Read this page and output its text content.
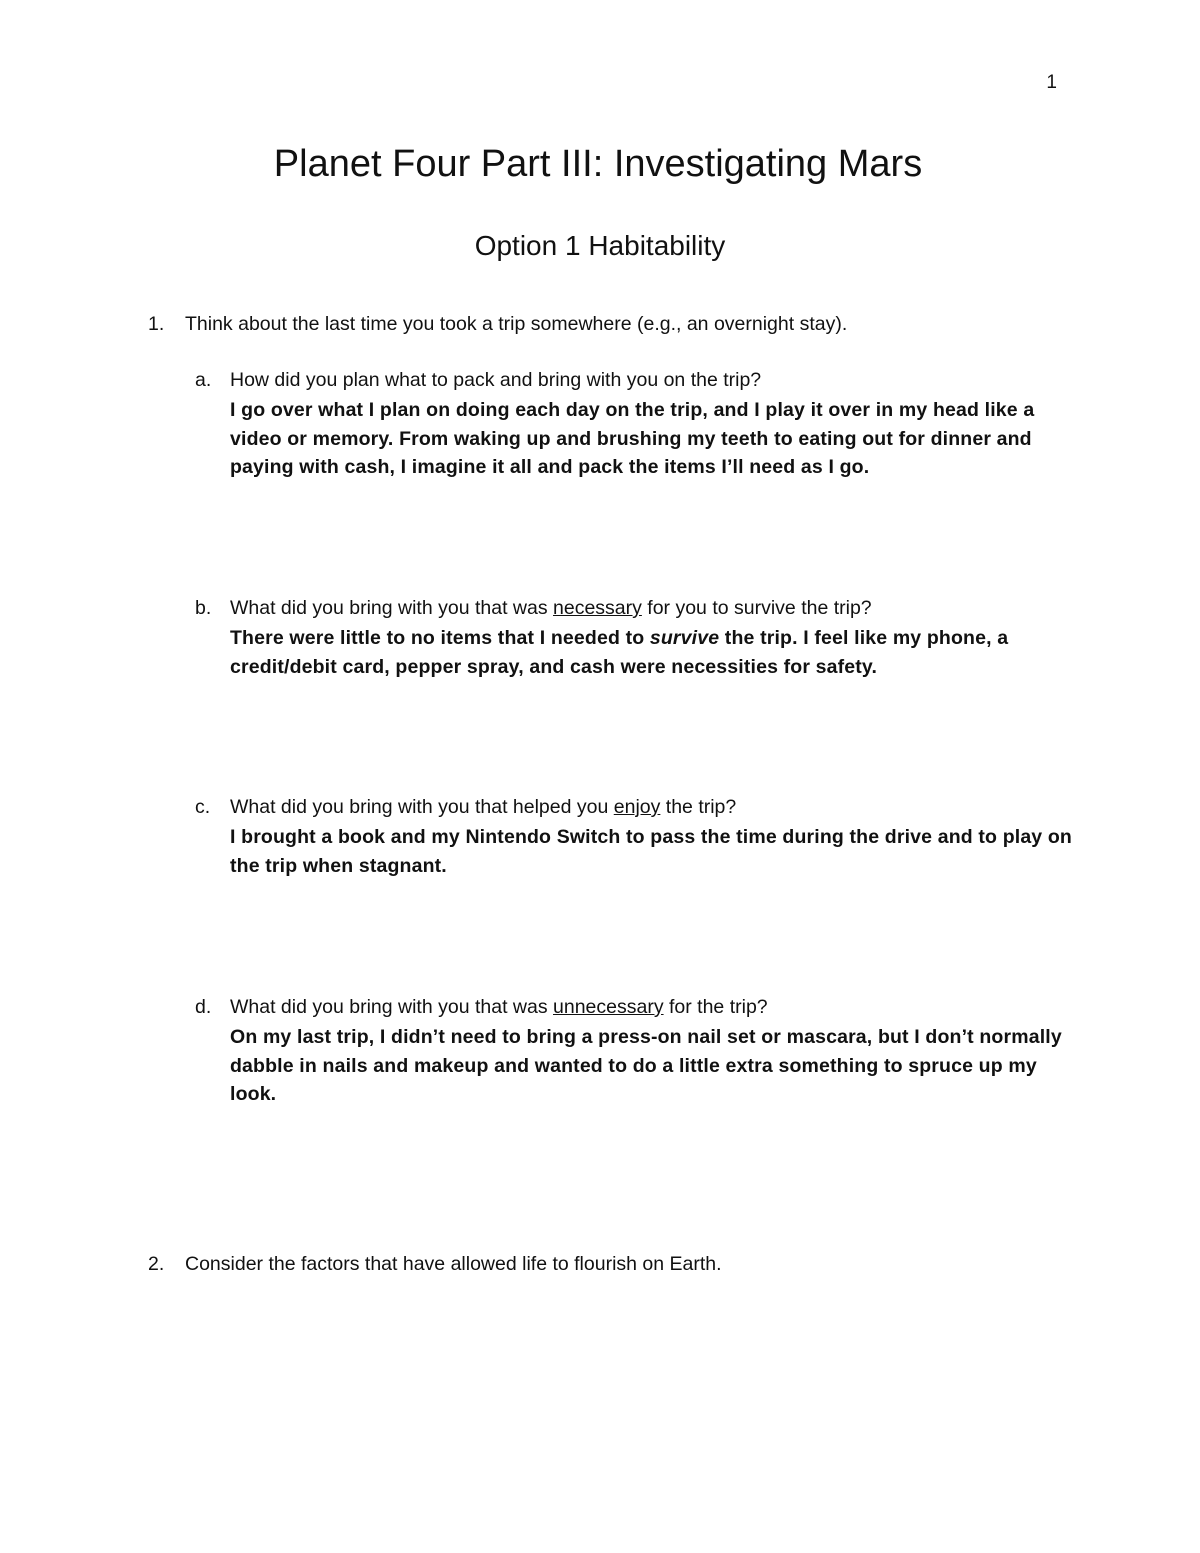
1
Planet Four Part III: Investigating Mars
Option 1 Habitability
1. Think about the last time you took a trip somewhere (e.g., an overnight stay).
a. How did you plan what to pack and bring with you on the trip?
I go over what I plan on doing each day on the trip, and I play it over in my head like a video or memory. From waking up and brushing my teeth to eating out for dinner and paying with cash, I imagine it all and pack the items I’ll need as I go.
b. What did you bring with you that was necessary for you to survive the trip?
There were little to no items that I needed to survive the trip. I feel like my phone, a credit/debit card, pepper spray, and cash were necessities for safety.
c. What did you bring with you that helped you enjoy the trip?
I brought a book and my Nintendo Switch to pass the time during the drive and to play on the trip when stagnant.
d. What did you bring with you that was unnecessary for the trip?
On my last trip, I didn’t need to bring a press-on nail set or mascara, but I don’t normally dabble in nails and makeup and wanted to do a little extra something to spruce up my look.
2. Consider the factors that have allowed life to flourish on Earth.
